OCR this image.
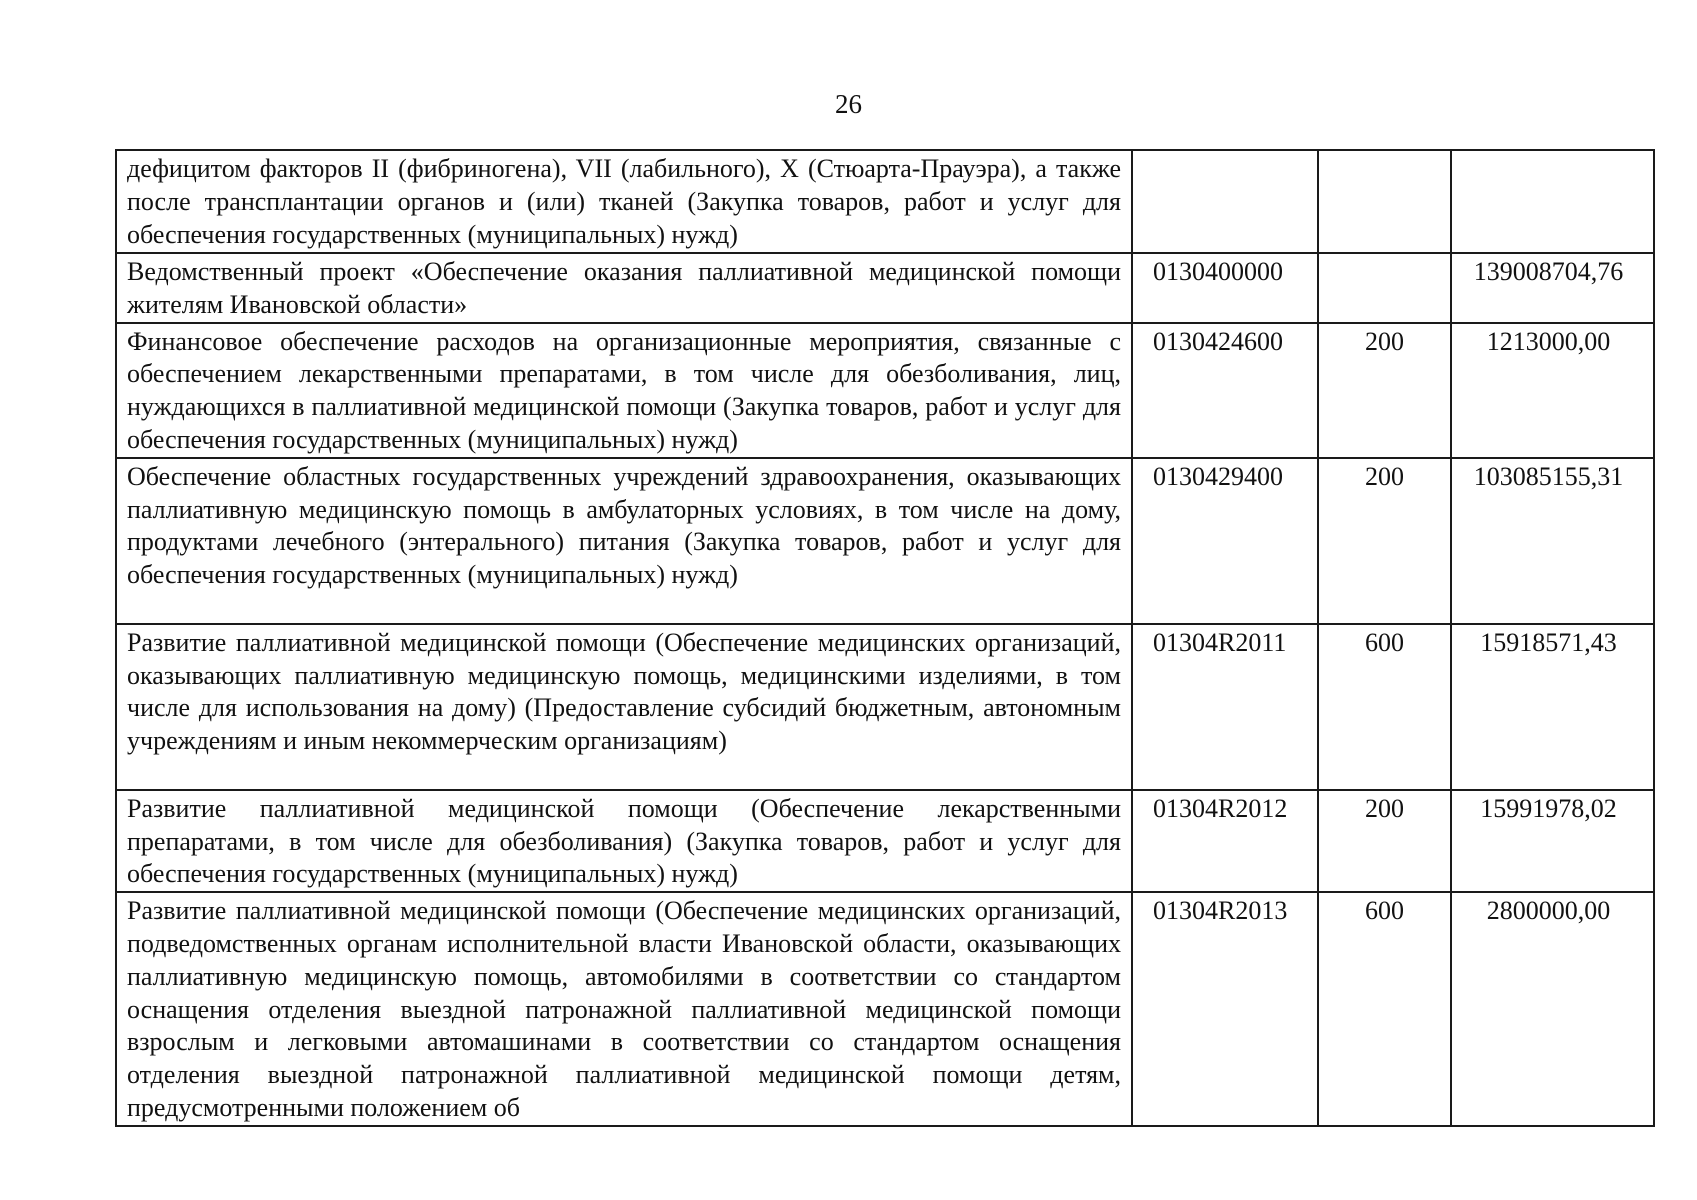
26
дефицитом факторов II (фибриногена), VII (лабильного), X (Стюарта-Прауэра), а также после трансплантации органов и (или) тканей (Закупка товаров, работ и услуг для обеспечения государственных (муниципальных) нужд)			
Ведомственный проект «Обеспечение оказания паллиативной медицинской помощи жителям Ивановской области»	0130400000		139008704,76
Финансовое обеспечение расходов на организационные мероприятия, связанные с обеспечением лекарственными препаратами, в том числе для обезболивания, лиц, нуждающихся в паллиативной медицинской помощи (Закупка товаров, работ и услуг для обеспечения государственных (муниципальных) нужд)	0130424600	200	1213000,00
Обеспечение областных государственных учреждений здравоохранения, оказывающих паллиативную медицинскую помощь в амбулаторных условиях, в том числе на дому, продуктами лечебного (энтерального) питания (Закупка товаров, работ и услуг для обеспечения государственных (муниципальных) нужд)	0130429400	200	103085155,31
Развитие паллиативной медицинской помощи (Обеспечение медицинских организаций, оказывающих паллиативную медицинскую помощь, медицинскими изделиями, в том числе для использования на дому) (Предоставление субсидий бюджетным, автономным учреждениям и иным некоммерческим организациям)	01304R2011	600	15918571,43
Развитие паллиативной медицинской помощи (Обеспечение лекарственными препаратами, в том числе для обезболивания) (Закупка товаров, работ и услуг для обеспечения государственных (муниципальных) нужд)	01304R2012	200	15991978,02
Развитие паллиативной медицинской помощи (Обеспечение медицинских организаций, подведомственных органам исполнительной власти Ивановской области, оказывающих паллиативную медицинскую помощь, автомобилями в соответствии со стандартом оснащения отделения выездной патронажной паллиативной медицинской помощи взрослым и легковыми автомашинами в соответствии со стандартом оснащения отделения выездной патронажной паллиативной медицинской помощи детям, предусмотренными положением об	01304R2013	600	2800000,00
